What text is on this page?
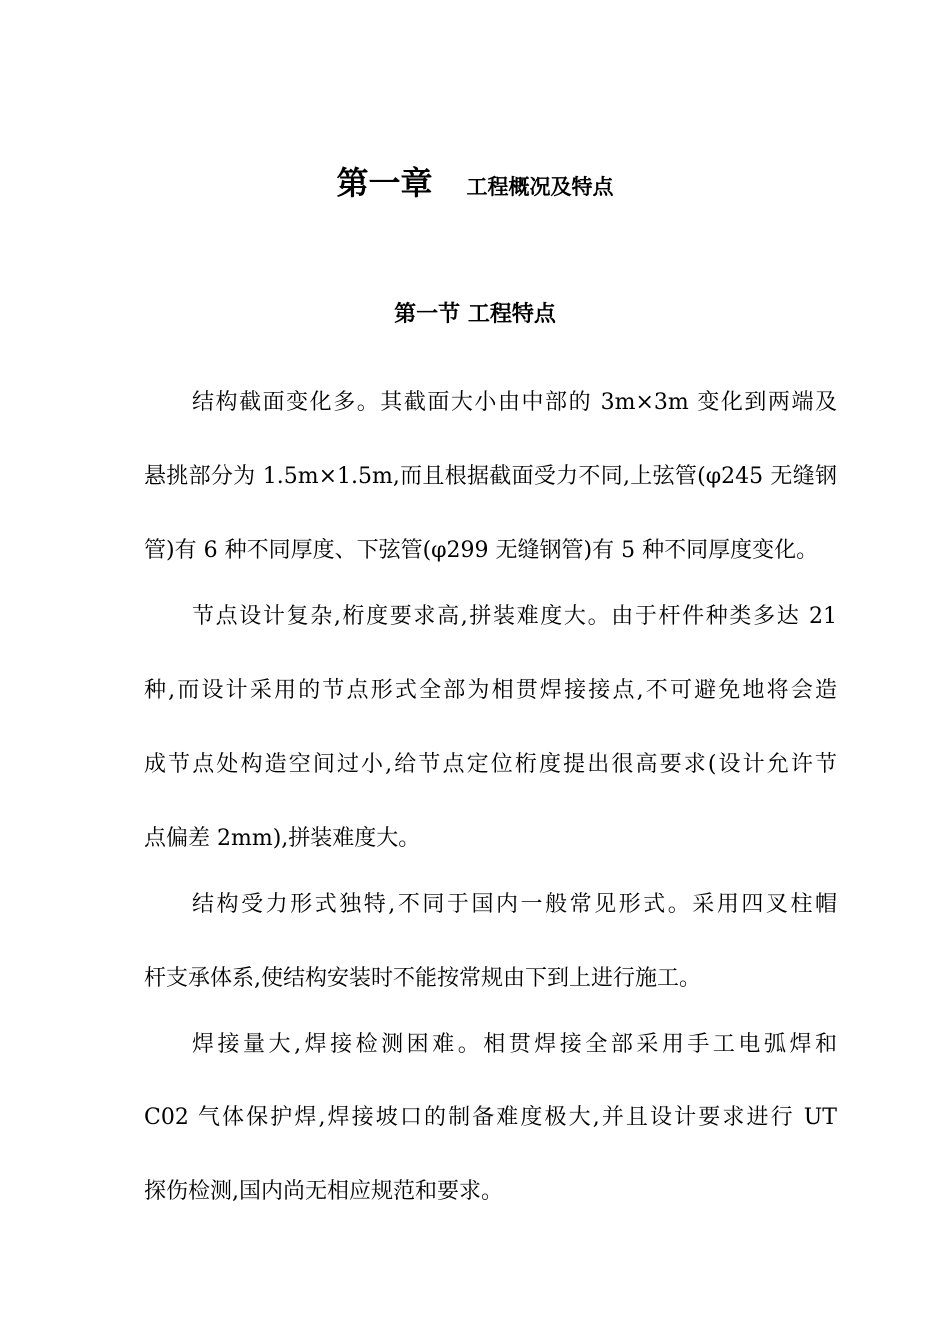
第一章 工程概况及特点
第一节 工程特点
结构截面变化多。其截面大小由中部的 3m×3m 变化到两端及
悬挑部分为 1.5m×1.5m,而且根据截面受力不同,上弦管(φ245 无缝钢
管)有 6 种不同厚度、下弦管(φ299 无缝钢管)有 5 种不同厚度变化。
节点设计复杂,桁度要求高,拼装难度大。由于杆件种类多达 21
种,而设计采用的节点形式全部为相贯焊接接点,不可避免地将会造
成节点处构造空间过小,给节点定位桁度提出很高要求(设计允许节
点偏差 2mm),拼装难度大。
结构受力形式独特,不同于国内一般常见形式。采用四叉柱帽
杆支承体系,使结构安装时不能按常规由下到上进行施工。
焊接量大,焊接检测困难。相贯焊接全部采用手工电弧焊和
C02 气体保护焊,焊接坡口的制备难度极大,并且设计要求进行 UT
探伤检测,国内尚无相应规范和要求。
